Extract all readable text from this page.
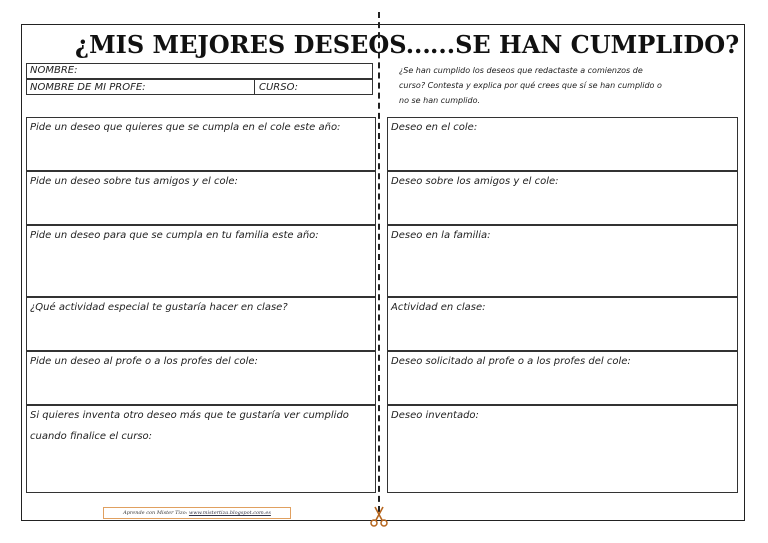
¿MIS MEJORES DESEOS...
NOMBRE:
NOMBRE DE MI PROFE:	CURSO:
Pide un deseo que quieres que se cumpla en el cole este año:
Pide un deseo sobre tus amigos y el cole:
Pide un deseo para que se cumpla en tu familia este año:
¿Qué actividad especial te gustaría hacer en clase?
Pide un deseo al profe o a los profes del cole:
Si quieres inventa otro deseo más que te gustaría ver cumplido cuando finalice el curso:
...SE HAN CUMPLIDO?
¿Se han cumplido los deseos que redactaste a comienzos de
curso? Contesta y explica por qué crees que sí se han cumplido o
no se han cumplido.
Deseo en el cole:
Deseo sobre los amigos y el cole:
Deseo en la familia:
Actividad en clase:
Deseo solicitado al profe o a los profes del cole:
Deseo inventado:
Aprende con Mister Tizo: www.mistertiza.blogspot.com.es
